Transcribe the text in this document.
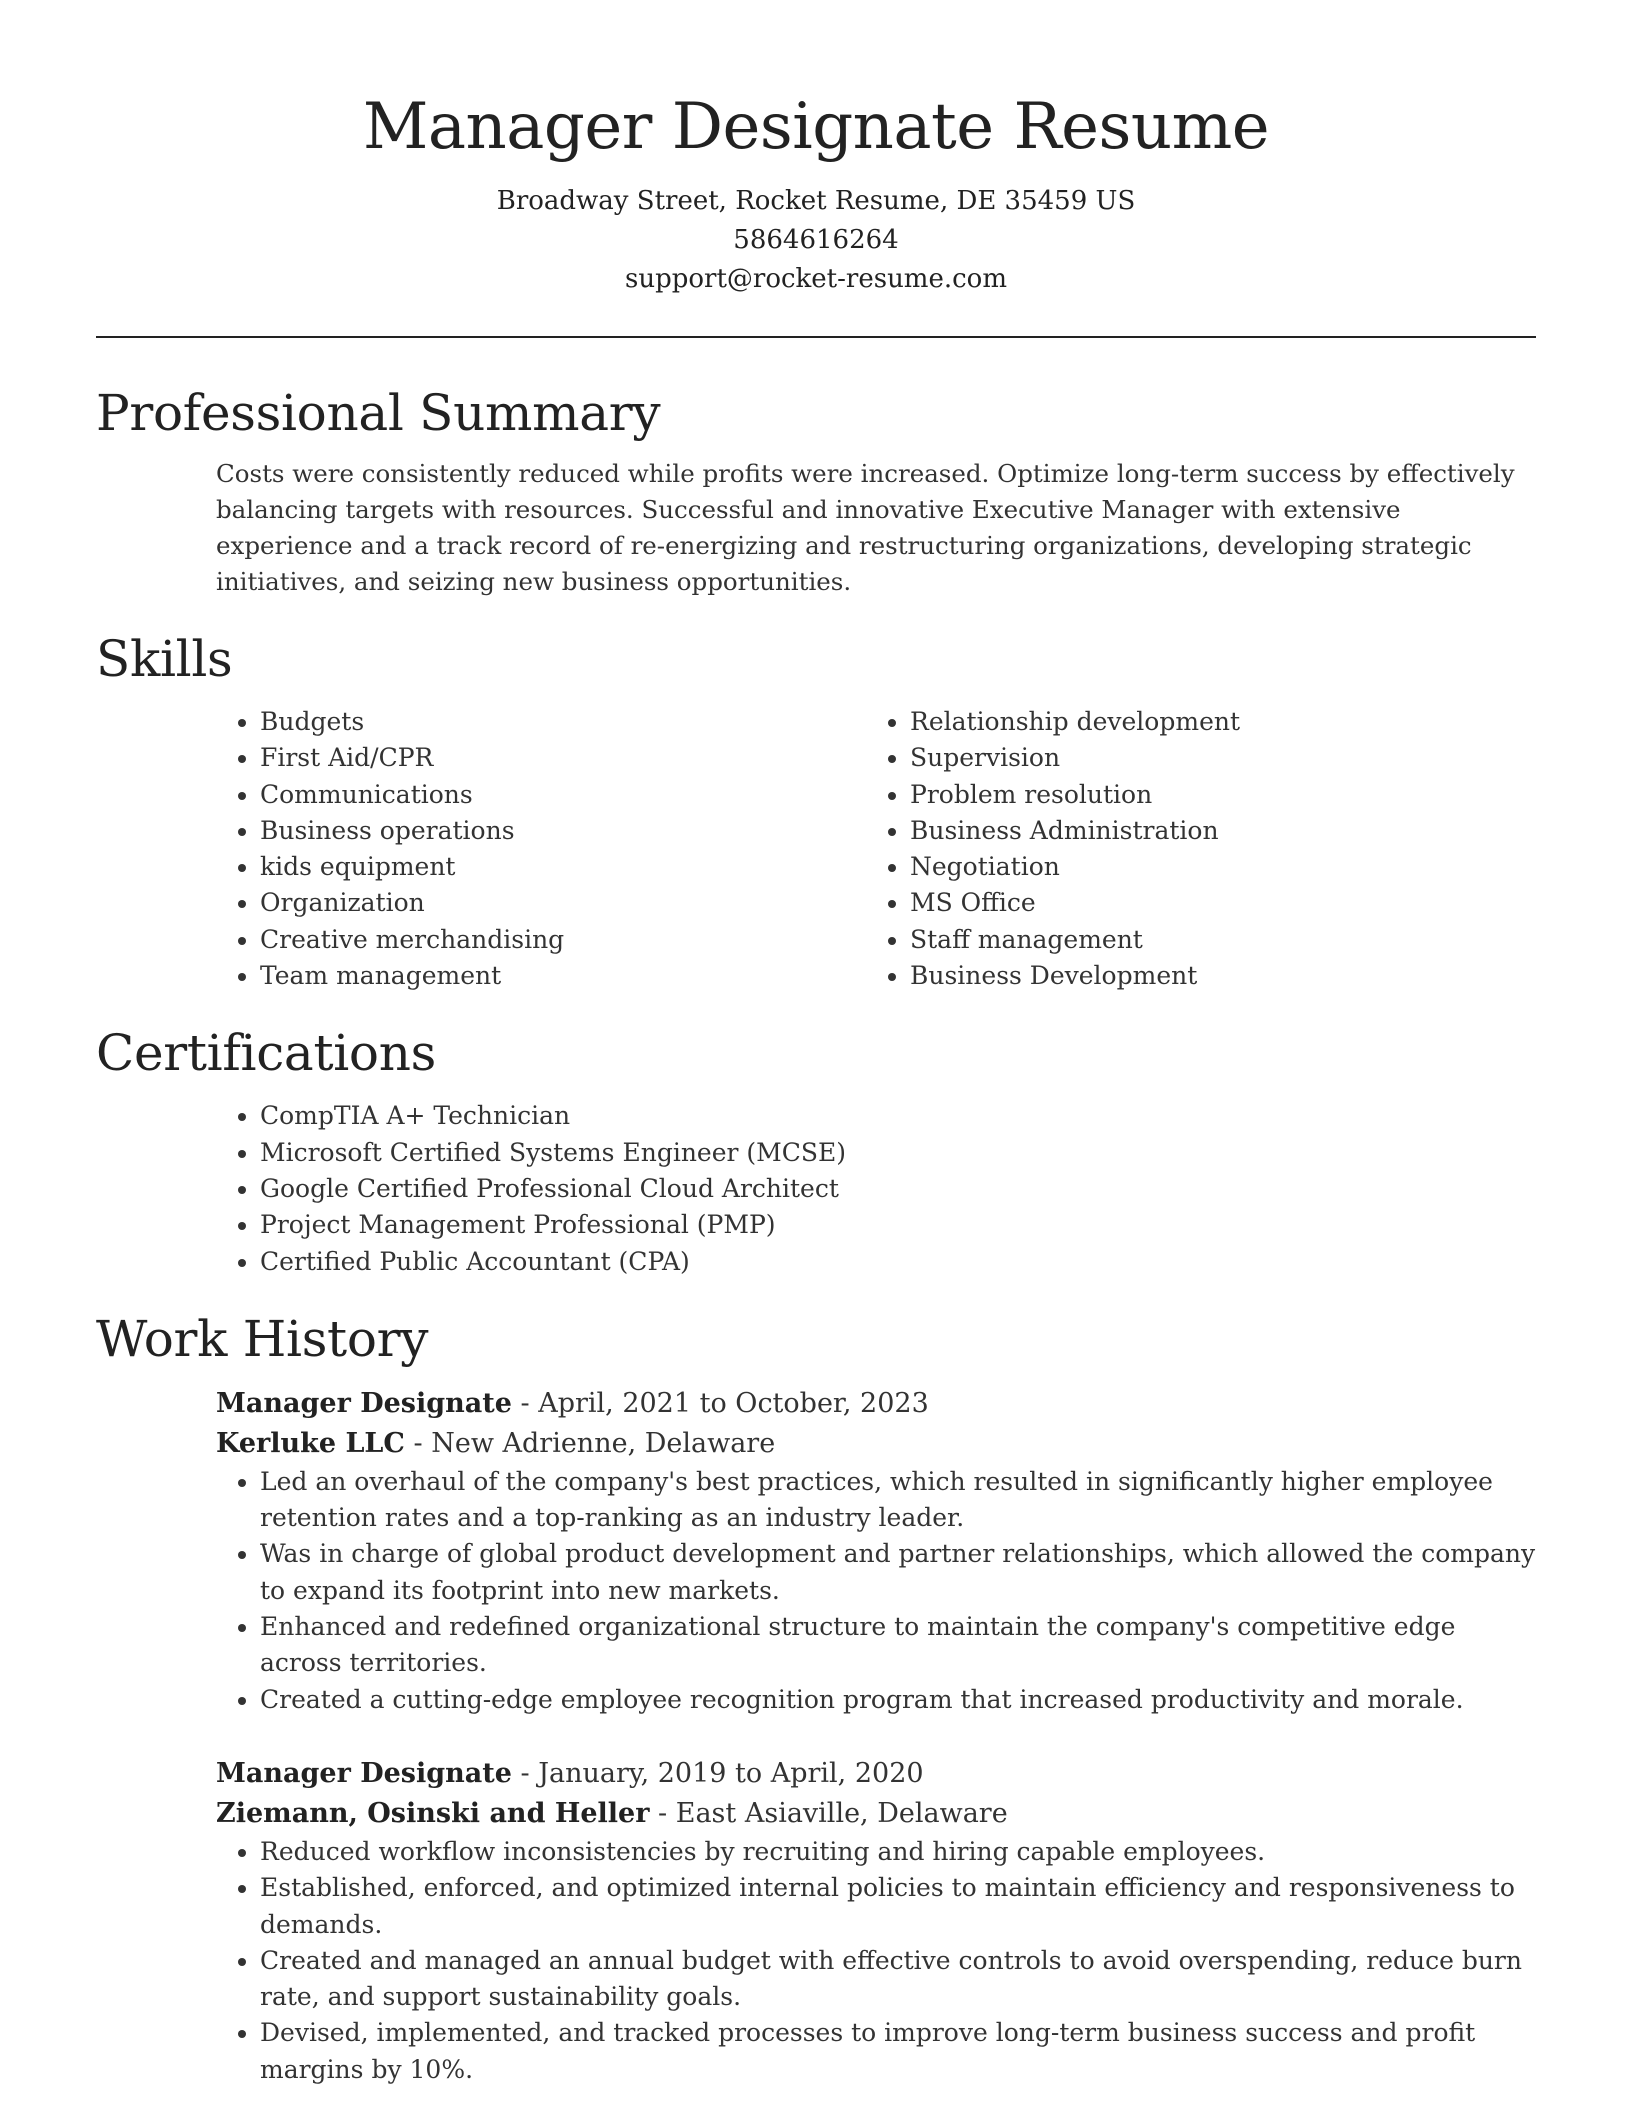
Manager Designate Resume

Broadway Street, Rocket Resume, DE 35459 US

5864616264

support@rocket-resume.com

Professional Summary

Costs were consistently reduced while profits were increased. Optimize long-term success by effectively balancing targets with resources. Successful and innovative Executive Manager with extensive experience and a track record of re-energizing and restructuring organizations, developing strategic initiatives, and seizing new business opportunities.

Skills
• Budgets
• First Aid/CPR
• Communications
• Business operations
• kids equipment
• Organization
• Creative merchandising
• Team management
• Relationship development
• Supervision
• Problem resolution
• Business Administration
• Negotiation
• MS Office
• Staff management
• Business Development
Certifications
• CompTIA A+ Technician
• Microsoft Certified Systems Engineer (MCSE)
• Google Certified Professional Cloud Architect
• Project Management Professional (PMP)
• Certified Public Accountant (CPA)
Work History

Manager Designate - April, 2021 to October, 2023

Kerluke LLC - New Adrienne, Delaware

• Led an overhaul of the company's best practices, which resulted in significantly higher employee retention rates and a top-ranking as an industry leader.
• Was in charge of global product development and partner relationships, which allowed the company to expand its footprint into new markets.
• Enhanced and redefined organizational structure to maintain the company's competitive edge across territories.
• Created a cutting-edge employee recognition program that increased productivity and morale.

Manager Designate - January, 2019 to April, 2020

Ziemann, Osinski and Heller - East Asiaville, Delaware

• Reduced workflow inconsistencies by recruiting and hiring capable employees.
• Established, enforced, and optimized internal policies to maintain efficiency and responsiveness to demands.
• Created and managed an annual budget with effective controls to avoid overspending, reduce burn rate, and support sustainability goals.
• Devised, implemented, and tracked processes to improve long-term business success and profit margins by 10%.
